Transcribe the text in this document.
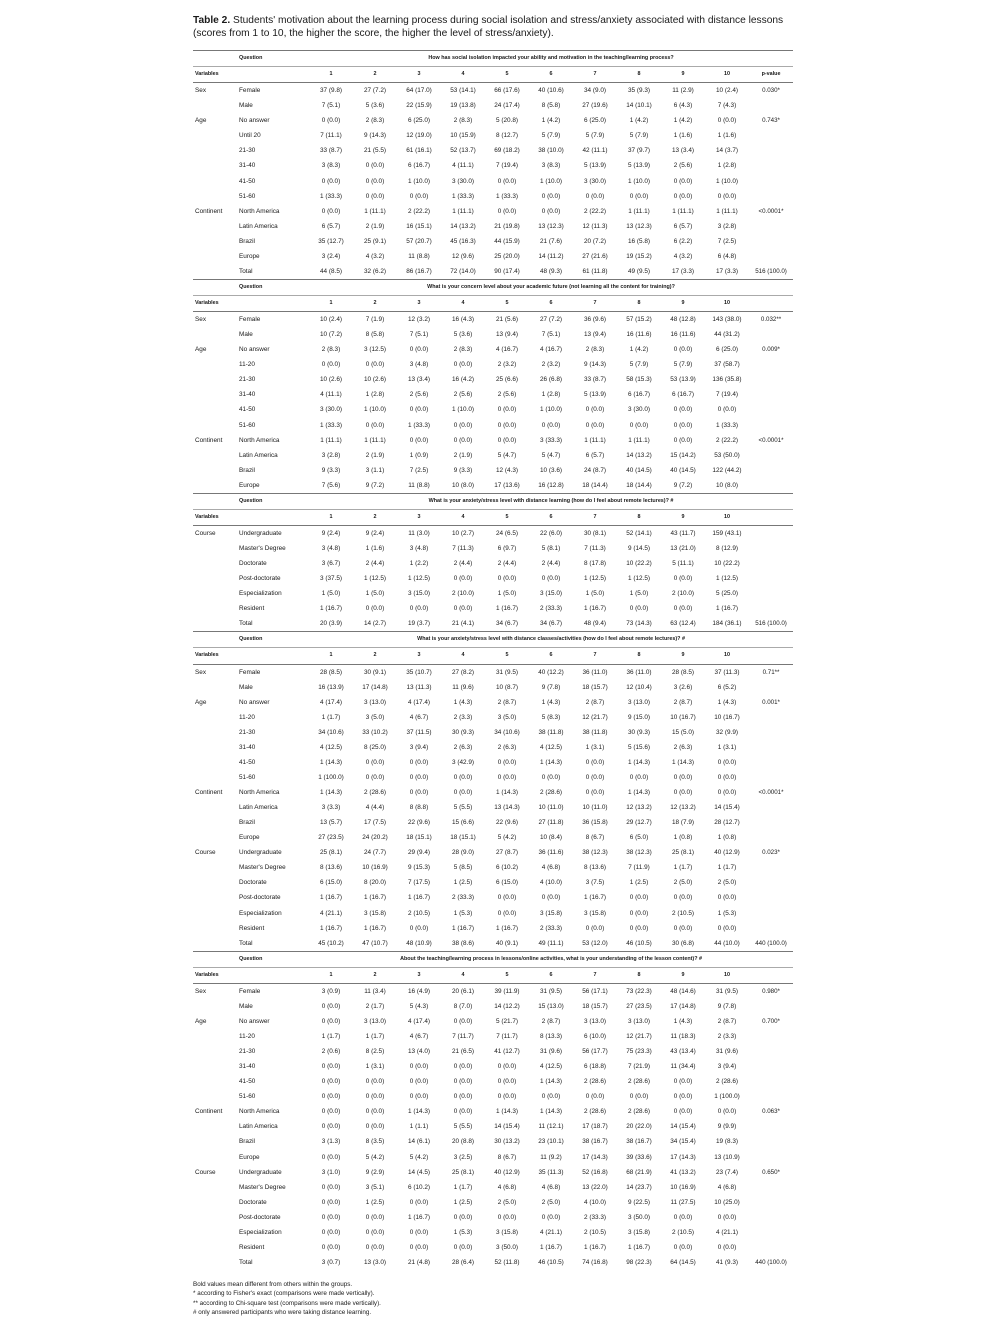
Table 2. Students' motivation about the learning process during social isolation and stress/anxiety associated with distance lessons (scores from 1 to 10, the higher the score, the higher the level of stress/anxiety).

	Question	How has social isolation impacted your ability and motivation in the teaching/learning process?										
Variables		1	2	3	4	5	6	7	8	9	10	p-value
Sex	Female	37 (9.8)	27 (7.2)	64 (17.0)	53 (14.1)	66 (17.6)	40 (10.6)	34 (9.0)	35 (9.3)	11 (2.9)	10 (2.4)	0.030*
	Male	7 (5.1)	5 (3.6)	22 (15.9)	19 (13.8)	24 (17.4)	8 (5.8)	27 (19.6)	14 (10.1)	6 (4.3)	7 (4.3)	
Age	No answer	0 (0.0)	2 (8.3)	6 (25.0)	2 (8.3)	5 (20.8)	1 (4.2)	6 (25.0)	1 (4.2)	1 (4.2)	0 (0.0)	0.743*
	Until 20	7 (11.1)	9 (14.3)	12 (19.0)	10 (15.9)	8 (12.7)	5 (7.9)	5 (7.9)	5 (7.9)	1 (1.6)	1 (1.6)	
	21-30	33 (8.7)	21 (5.5)	61 (16.1)	52 (13.7)	69 (18.2)	38 (10.0)	42 (11.1)	37 (9.7)	13 (3.4)	14 (3.7)	
	31-40	3 (8.3)	0 (0.0)	6 (16.7)	4 (11.1)	7 (19.4)	3 (8.3)	5 (13.9)	5 (13.9)	2 (5.6)	1 (2.8)	
	41-50	0 (0.0)	0 (0.0)	1 (10.0)	3 (30.0)	0 (0.0)	1 (10.0)	3 (30.0)	1 (10.0)	0 (0.0)	1 (10.0)	
	51-60	1 (33.3)	0 (0.0)	0 (0.0)	1 (33.3)	1 (33.3)	0 (0.0)	0 (0.0)	0 (0.0)	0 (0.0)	0 (0.0)	
Continent	North America	0 (0.0)	1 (11.1)	2 (22.2)	1 (11.1)	0 (0.0)	0 (0.0)	2 (22.2)	1 (11.1)	1 (11.1)	1 (11.1)	<0.0001*
	Latin America	6 (5.7)	2 (1.9)	16 (15.1)	14 (13.2)	21 (19.8)	13 (12.3)	12 (11.3)	13 (12.3)	6 (5.7)	3 (2.8)	
	Brazil	35 (12.7)	25 (9.1)	57 (20.7)	45 (16.3)	44 (15.9)	21 (7.6)	20 (7.2)	16 (5.8)	6 (2.2)	7 (2.5)	
	Europe	3 (2.4)	4 (3.2)	11 (8.8)	12 (9.6)	25 (20.0)	14 (11.2)	27 (21.6)	19 (15.2)	4 (3.2)	6 (4.8)	
	Total	44 (8.5)	32 (6.2)	86 (16.7)	72 (14.0)	90 (17.4)	48 (9.3)	61 (11.8)	49 (9.5)	17 (3.3)	17 (3.3)	516 (100.0)
	Question	What is your concern level about your academic future (not learning all the content for training)?										
Variables		1	2	3	4	5	6	7	8	9	10	
Sex	Female	10 (2.4)	7 (1.9)	12 (3.2)	16 (4.3)	21 (5.6)	27 (7.2)	36 (9.6)	57 (15.2)	48 (12.8)	143 (38.0)	0.032**
	Male	10 (7.2)	8 (5.8)	7 (5.1)	5 (3.6)	13 (9.4)	7 (5.1)	13 (9.4)	16 (11.6)	16 (11.6)	44 (31.2)	
Age	No answer	2 (8.3)	3 (12.5)	0 (0.0)	2 (8.3)	4 (16.7)	4 (16.7)	2 (8.3)	1 (4.2)	0 (0.0)	6 (25.0)	0.009*
	11-20	0 (0.0)	0 (0.0)	3 (4.8)	0 (0.0)	2 (3.2)	2 (3.2)	9 (14.3)	5 (7.9)	5 (7.9)	37 (58.7)	
	21-30	10 (2.6)	10 (2.6)	13 (3.4)	16 (4.2)	25 (6.6)	26 (6.8)	33 (8.7)	58 (15.3)	53 (13.9)	136 (35.8)	
	31-40	4 (11.1)	1 (2.8)	2 (5.6)	2 (5.6)	2 (5.6)	1 (2.8)	5 (13.9)	6 (16.7)	6 (16.7)	7 (19.4)	
	41-50	3 (30.0)	1 (10.0)	0 (0.0)	1 (10.0)	0 (0.0)	1 (10.0)	0 (0.0)	3 (30.0)	0 (0.0)	0 (0.0)	
	51-60	1 (33.3)	0 (0.0)	1 (33.3)	0 (0.0)	0 (0.0)	0 (0.0)	0 (0.0)	0 (0.0)	0 (0.0)	1 (33.3)	
Continent	North America	1 (11.1)	1 (11.1)	0 (0.0)	0 (0.0)	0 (0.0)	3 (33.3)	1 (11.1)	1 (11.1)	0 (0.0)	2 (22.2)	<0.0001*
	Latin America	3 (2.8)	2 (1.9)	1 (0.9)	2 (1.9)	5 (4.7)	5 (4.7)	6 (5.7)	14 (13.2)	15 (14.2)	53 (50.0)	
	Brazil	9 (3.3)	3 (1.1)	7 (2.5)	9 (3.3)	12 (4.3)	10 (3.6)	24 (8.7)	40 (14.5)	40 (14.5)	122 (44.2)	
	Europe	7 (5.6)	9 (7.2)	11 (8.8)	10 (8.0)	17 (13.6)	16 (12.8)	18 (14.4)	18 (14.4)	9 (7.2)	10 (8.0)	
	Question	What is your anxiety/stress level with distance learning (how do I feel about remote lectures)? #										
Variables		1	2	3	4	5	6	7	8	9	10	
Course	Undergraduate	9 (2.4)	9 (2.4)	11 (3.0)	10 (2.7)	24 (6.5)	22 (6.0)	30 (8.1)	52 (14.1)	43 (11.7)	159 (43.1)	
	Master's Degree	3 (4.8)	1 (1.6)	3 (4.8)	7 (11.3)	6 (9.7)	5 (8.1)	7 (11.3)	9 (14.5)	13 (21.0)	8 (12.9)	
	Doctorate	3 (6.7)	2 (4.4)	1 (2.2)	2 (4.4)	2 (4.4)	2 (4.4)	8 (17.8)	10 (22.2)	5 (11.1)	10 (22.2)	
	Post-doctorate	3 (37.5)	1 (12.5)	1 (12.5)	0 (0.0)	0 (0.0)	0 (0.0)	1 (12.5)	1 (12.5)	0 (0.0)	1 (12.5)	
	Especialization	1 (5.0)	1 (5.0)	3 (15.0)	2 (10.0)	1 (5.0)	3 (15.0)	1 (5.0)	1 (5.0)	2 (10.0)	5 (25.0)	
	Resident	1 (16.7)	0 (0.0)	0 (0.0)	0 (0.0)	1 (16.7)	2 (33.3)	1 (16.7)	0 (0.0)	0 (0.0)	1 (16.7)	
	Total	20 (3.9)	14 (2.7)	19 (3.7)	21 (4.1)	34 (6.7)	34 (6.7)	48 (9.4)	73 (14.3)	63 (12.4)	184 (36.1)	516 (100.0)
	Question	What is your anxiety/stress level with distance classes/activities (how do I feel about remote lectures)? #										
Variables		1	2	3	4	5	6	7	8	9	10	
Sex	Female	28 (8.5)	30 (9.1)	35 (10.7)	27 (8.2)	31 (9.5)	40 (12.2)	36 (11.0)	36 (11.0)	28 (8.5)	37 (11.3)	0.71**
	Male	16 (13.9)	17 (14.8)	13 (11.3)	11 (9.6)	10 (8.7)	9 (7.8)	18 (15.7)	12 (10.4)	3 (2.6)	6 (5.2)	
Age	No answer	4 (17.4)	3 (13.0)	4 (17.4)	1 (4.3)	2 (8.7)	1 (4.3)	2 (8.7)	3 (13.0)	2 (8.7)	1 (4.3)	0.001*
	11-20	1 (1.7)	3 (5.0)	4 (6.7)	2 (3.3)	3 (5.0)	5 (8.3)	12 (21.7)	9 (15.0)	10 (16.7)	10 (16.7)	
	21-30	34 (10.6)	33 (10.2)	37 (11.5)	30 (9.3)	34 (10.6)	38 (11.8)	38 (11.8)	30 (9.3)	15 (5.0)	32 (9.9)	
	31-40	4 (12.5)	8 (25.0)	3 (9.4)	2 (6.3)	2 (6.3)	4 (12.5)	1 (3.1)	5 (15.6)	2 (6.3)	1 (3.1)	
	41-50	1 (14.3)	0 (0.0)	0 (0.0)	3 (42.9)	0 (0.0)	1 (14.3)	0 (0.0)	1 (14.3)	1 (14.3)	0 (0.0)	
	51-60	1 (100.0)	0 (0.0)	0 (0.0)	0 (0.0)	0 (0.0)	0 (0.0)	0 (0.0)	0 (0.0)	0 (0.0)	0 (0.0)	
Continent	North America	1 (14.3)	2 (28.6)	0 (0.0)	0 (0.0)	1 (14.3)	2 (28.6)	0 (0.0)	1 (14.3)	0 (0.0)	0 (0.0)	<0.0001*
	Latin America	3 (3.3)	4 (4.4)	8 (8.8)	5 (5.5)	13 (14.3)	10 (11.0)	10 (11.0)	12 (13.2)	12 (13.2)	14 (15.4)	
	Brazil	13 (5.7)	17 (7.5)	22 (9.6)	15 (6.6)	22 (9.6)	27 (11.8)	36 (15.8)	29 (12.7)	18 (7.9)	28 (12.7)	
	Europe	27 (23.5)	24 (20.2)	18 (15.1)	18 (15.1)	5 (4.2)	10 (8.4)	8 (6.7)	6 (5.0)	1 (0.8)	1 (0.8)	
Course	Undergraduate	25 (8.1)	24 (7.7)	29 (9.4)	28 (9.0)	27 (8.7)	36 (11.6)	38 (12.3)	38 (12.3)	25 (8.1)	40 (12.9)	0.023*
	Master's Degree	8 (13.6)	10 (16.9)	9 (15.3)	5 (8.5)	6 (10.2)	4 (6.8)	8 (13.6)	7 (11.9)	1 (1.7)	1 (1.7)	
	Doctorate	6 (15.0)	8 (20.0)	7 (17.5)	1 (2.5)	6 (15.0)	4 (10.0)	3 (7.5)	1 (2.5)	2 (5.0)	2 (5.0)	
	Post-doctorate	1 (16.7)	1 (16.7)	1 (16.7)	2 (33.3)	0 (0.0)	0 (0.0)	1 (16.7)	0 (0.0)	0 (0.0)	0 (0.0)	
	Especialization	4 (21.1)	3 (15.8)	2 (10.5)	1 (5.3)	0 (0.0)	3 (15.8)	3 (15.8)	0 (0.0)	2 (10.5)	1 (5.3)	
	Resident	1 (16.7)	1 (16.7)	0 (0.0)	1 (16.7)	1 (16.7)	2 (33.3)	0 (0.0)	0 (0.0)	0 (0.0)	0 (0.0)	
	Total	45 (10.2)	47 (10.7)	48 (10.9)	38 (8.6)	40 (9.1)	49 (11.1)	53 (12.0)	46 (10.5)	30 (6.8)	44 (10.0)	440 (100.0)
	Question	About the teaching/learning process in lessons/online activities, what is your understanding of the lesson content)? #										
Variables		1	2	3	4	5	6	7	8	9	10	
Sex	Female	3 (0.9)	11 (3.4)	16 (4.9)	20 (6.1)	39 (11.9)	31 (9.5)	56 (17.1)	73 (22.3)	48 (14.6)	31 (9.5)	0.980*
	Male	0 (0.0)	2 (1.7)	5 (4.3)	8 (7.0)	14 (12.2)	15 (13.0)	18 (15.7)	27 (23.5)	17 (14.8)	9 (7.8)	
Age	No answer	0 (0.0)	3 (13.0)	4 (17.4)	0 (0.0)	5 (21.7)	2 (8.7)	3 (13.0)	3 (13.0)	1 (4.3)	2 (8.7)	0.700*
	11-20	1 (1.7)	1 (1.7)	4 (6.7)	7 (11.7)	7 (11.7)	8 (13.3)	6 (10.0)	12 (21.7)	11 (18.3)	2 (3.3)	
	21-30	2 (0.6)	8 (2.5)	13 (4.0)	21 (6.5)	41 (12.7)	31 (9.6)	56 (17.7)	75 (23.3)	43 (13.4)	31 (9.6)	
	31-40	0 (0.0)	1 (3.1)	0 (0.0)	0 (0.0)	0 (0.0)	4 (12.5)	6 (18.8)	7 (21.9)	11 (34.4)	3 (9.4)	
	41-50	0 (0.0)	0 (0.0)	0 (0.0)	0 (0.0)	0 (0.0)	1 (14.3)	2 (28.6)	2 (28.6)	0 (0.0)	2 (28.6)	
	51-60	0 (0.0)	0 (0.0)	0 (0.0)	0 (0.0)	0 (0.0)	0 (0.0)	0 (0.0)	0 (0.0)	0 (0.0)	1 (100.0)	
Continent	North America	0 (0.0)	0 (0.0)	1 (14.3)	0 (0.0)	1 (14.3)	1 (14.3)	2 (28.6)	2 (28.6)	0 (0.0)	0 (0.0)	0.063*
	Latin America	0 (0.0)	0 (0.0)	1 (1.1)	5 (5.5)	14 (15.4)	11 (12.1)	17 (18.7)	20 (22.0)	14 (15.4)	9 (9.9)	
	Brazil	3 (1.3)	8 (3.5)	14 (6.1)	20 (8.8)	30 (13.2)	23 (10.1)	38 (16.7)	38 (16.7)	34 (15.4)	19 (8.3)	
	Europe	0 (0.0)	5 (4.2)	5 (4.2)	3 (2.5)	8 (6.7)	11 (9.2)	17 (14.3)	39 (33.6)	17 (14.3)	13 (10.9)	
Course	Undergraduate	3 (1.0)	9 (2.9)	14 (4.5)	25 (8.1)	40 (12.9)	35 (11.3)	52 (16.8)	68 (21.9)	41 (13.2)	23 (7.4)	0.650*
	Master's Degree	0 (0.0)	3 (5.1)	6 (10.2)	1 (1.7)	4 (6.8)	4 (6.8)	13 (22.0)	14 (23.7)	10 (16.9)	4 (6.8)	
	Doctorate	0 (0.0)	1 (2.5)	0 (0.0)	1 (2.5)	2 (5.0)	2 (5.0)	4 (10.0)	9 (22.5)	11 (27.5)	10 (25.0)	
	Post-doctorate	0 (0.0)	0 (0.0)	1 (16.7)	0 (0.0)	0 (0.0)	0 (0.0)	2 (33.3)	3 (50.0)	0 (0.0)	0 (0.0)	
	Especialization	0 (0.0)	0 (0.0)	0 (0.0)	1 (5.3)	3 (15.8)	4 (21.1)	2 (10.5)	3 (15.8)	2 (10.5)	4 (21.1)	
	Resident	0 (0.0)	0 (0.0)	0 (0.0)	0 (0.0)	3 (50.0)	1 (16.7)	1 (16.7)	1 (16.7)	0 (0.0)	0 (0.0)	
	Total	3 (0.7)	13 (3.0)	21 (4.8)	28 (6.4)	52 (11.8)	46 (10.5)	74 (16.8)	98 (22.3)	64 (14.5)	41 (9.3)	440 (100.0)
Bold values mean different from others within the groups.
* according to Fisher's exact (comparisons were made vertically).
** according to Chi-square test (comparisons were made vertically).
# only answered participants who were taking distance learning.
